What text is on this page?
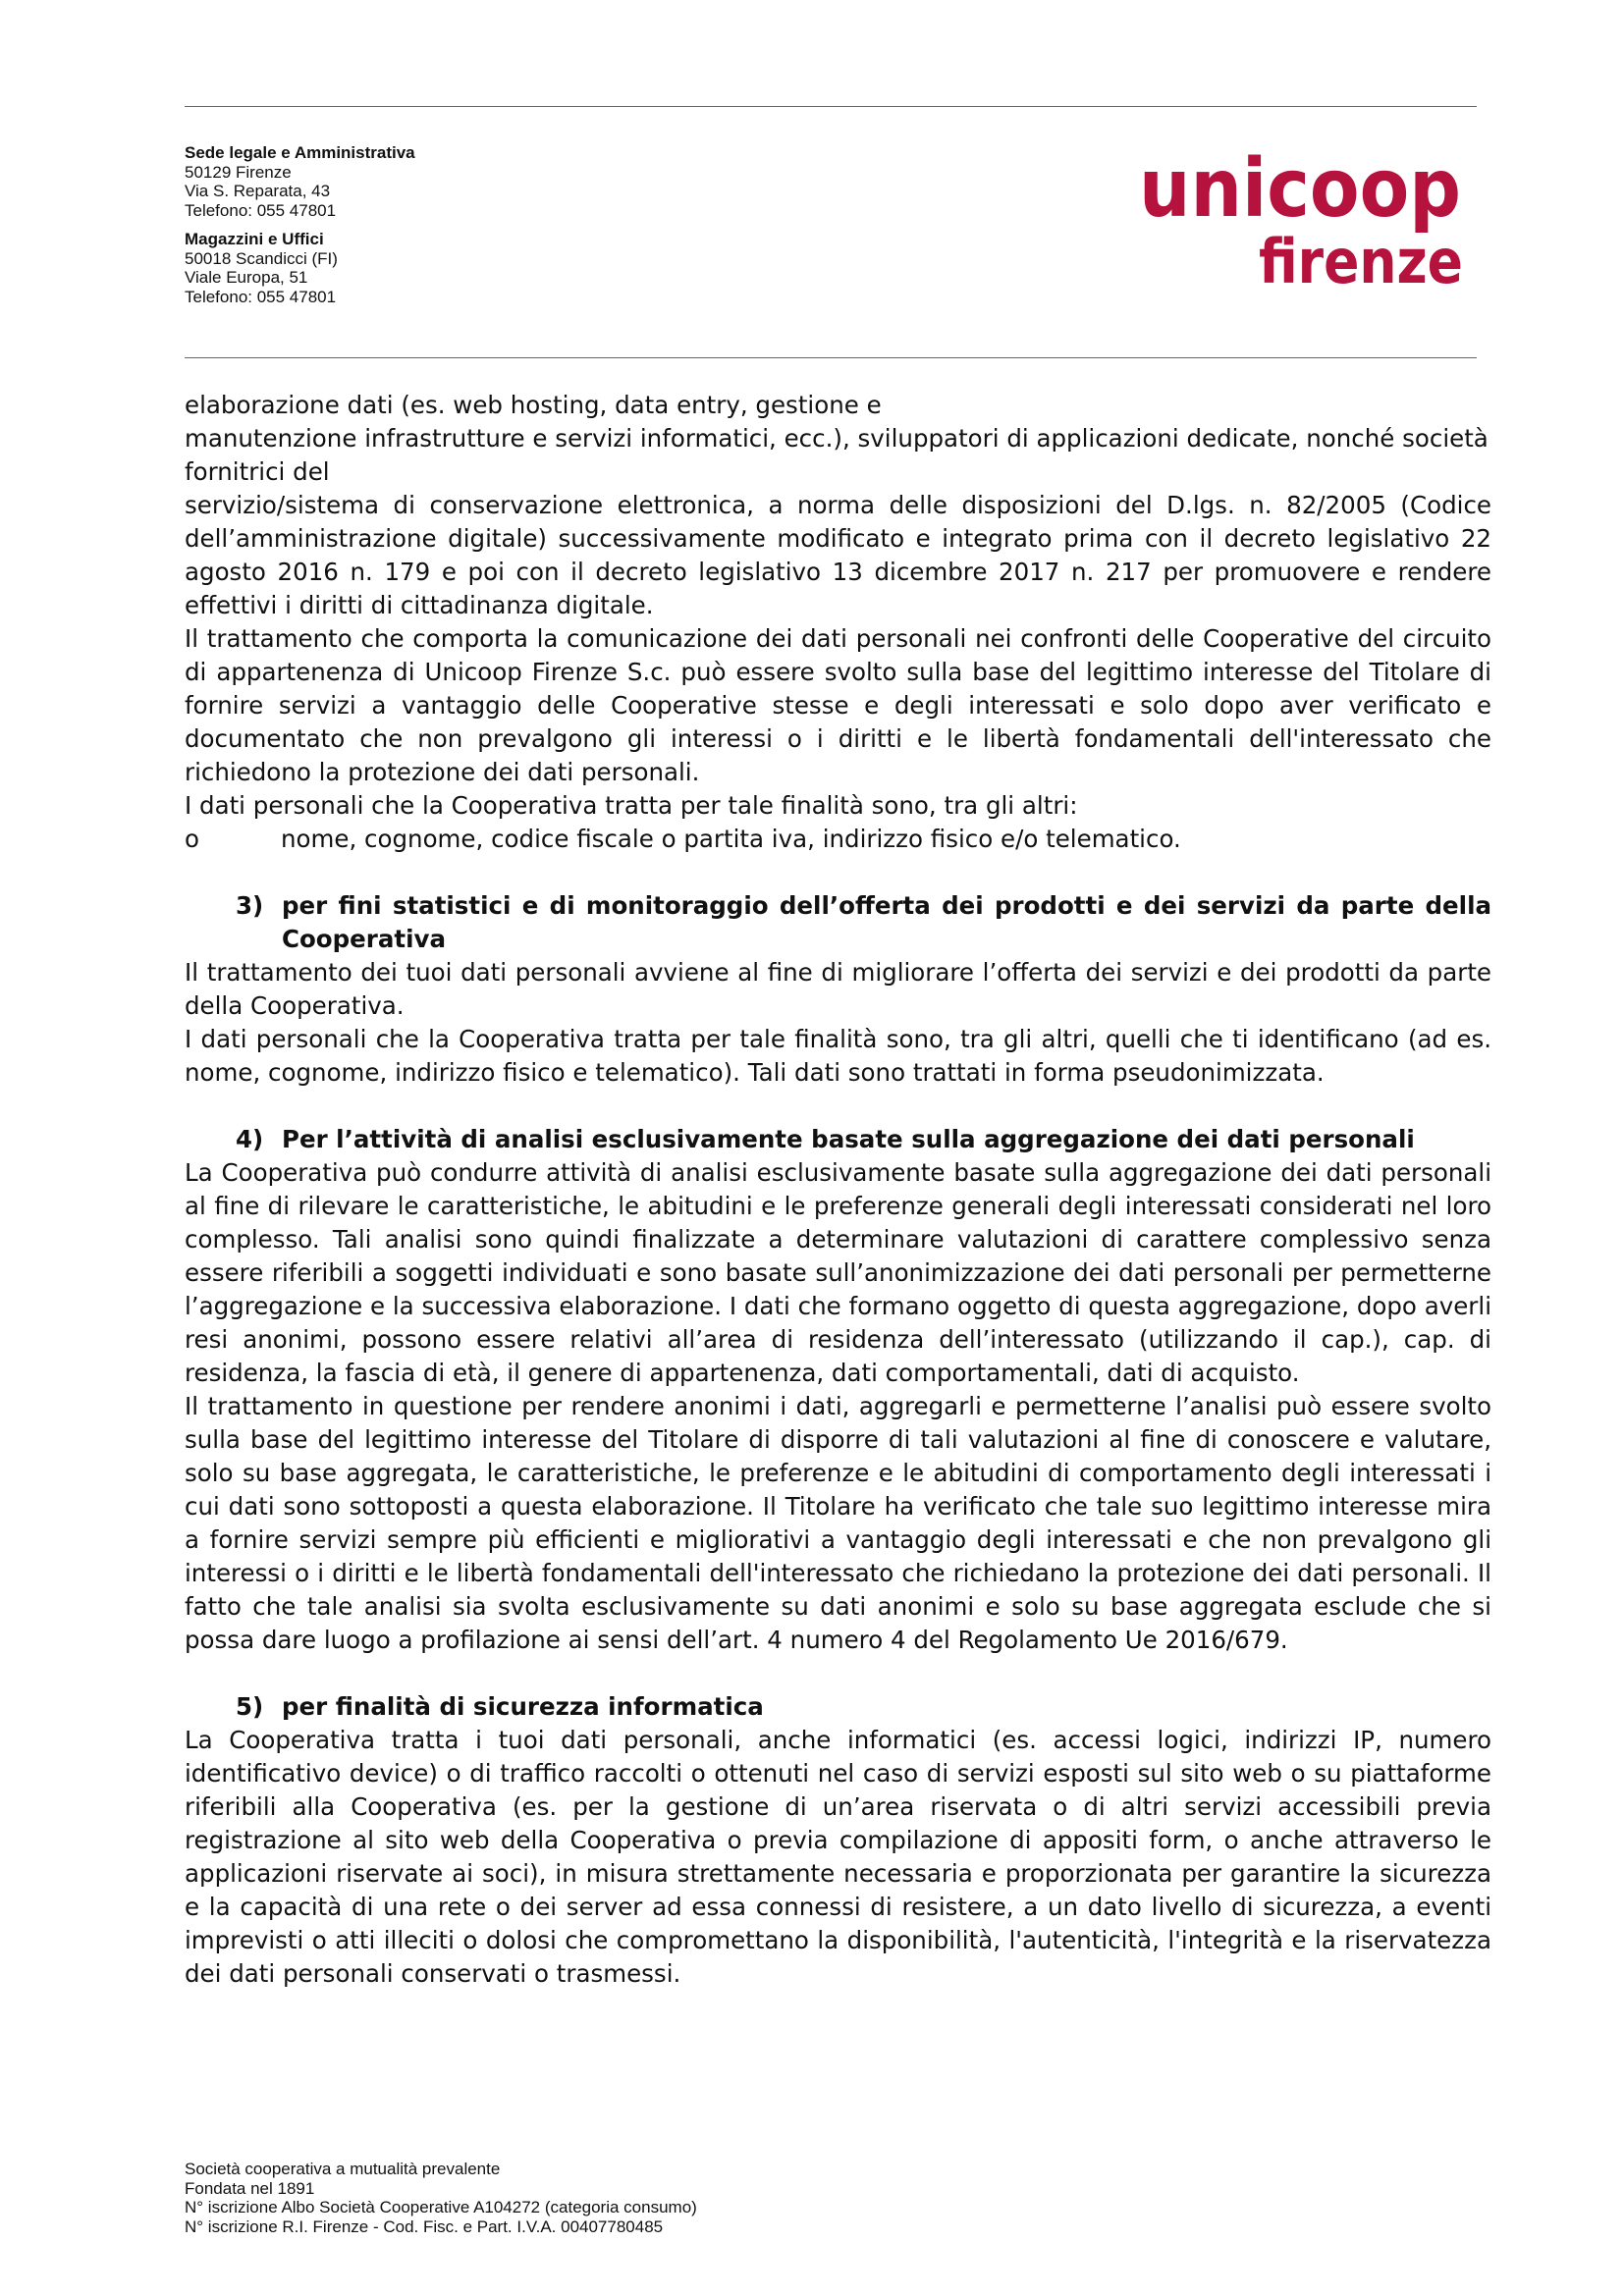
Sede legale e Amministrativa
50129 Firenze
Via S. Reparata, 43
Telefono: 055 47801
Magazzini e Uffici
50018 Scandicci (FI)
Viale Europa, 51
Telefono: 055 47801
unicoop
firenze

elaborazione dati (es. web hosting, data entry, gestione e

manutenzione infrastrutture e servizi informatici, ecc.), sviluppatori di applicazioni dedicate, nonché società fornitrici del

servizio/sistema di conservazione elettronica, a norma delle disposizioni del D.lgs. n. 82/2005 (Codice dell’amministrazione digitale) successivamente modificato e integrato prima con il decreto legislativo 22 agosto 2016 n. 179 e poi con il decreto legislativo 13 dicembre 2017 n. 217 per promuovere e rendere effettivi i diritti di cittadinanza digitale.

Il trattamento che comporta la comunicazione dei dati personali nei confronti delle Cooperative del circuito di appartenenza di Unicoop Firenze S.c. può essere svolto sulla base del legittimo interesse del Titolare di fornire servizi a vantaggio delle Cooperative stesse e degli interessati e solo dopo aver verificato e documentato che non prevalgono gli interessi o i diritti e le libertà fondamentali dell'interessato che richiedono la protezione dei dati personali.

I dati personali che la Cooperativa tratta per tale finalità sono, tra gli altri:

o	nome, cognome, codice fiscale o partita iva, indirizzo fisico e/o telematico.
3) per fini statistici e di monitoraggio dell’offerta dei prodotti e dei servizi da parte della Cooperativa

Il trattamento dei tuoi dati personali avviene al fine di migliorare l’offerta dei servizi e dei prodotti da parte della Cooperativa.

I dati personali che la Cooperativa tratta per tale finalità sono, tra gli altri, quelli che ti identificano (ad es. nome, cognome, indirizzo fisico e telematico). Tali dati sono trattati in forma pseudonimizzata.

4) Per l’attività di analisi esclusivamente basate sulla aggregazione dei dati personali

La Cooperativa può condurre attività di analisi esclusivamente basate sulla aggregazione dei dati personali al fine di rilevare le caratteristiche, le abitudini e le preferenze generali degli interessati considerati nel loro complesso. Tali analisi sono quindi finalizzate a determinare valutazioni di carattere complessivo senza essere riferibili a soggetti individuati e sono basate sull’anonimizzazione dei dati personali per permetterne l’aggregazione e la successiva elaborazione. I dati che formano oggetto di questa aggregazione, dopo averli resi anonimi, possono essere relativi all’area di residenza dell’interessato (utilizzando il cap.), cap. di residenza, la fascia di età, il genere di appartenenza, dati comportamentali, dati di acquisto.

Il trattamento in questione per rendere anonimi i dati, aggregarli e permetterne l’analisi può essere svolto sulla base del legittimo interesse del Titolare di disporre di tali valutazioni al fine di conoscere e valutare, solo su base aggregata, le caratteristiche, le preferenze e le abitudini di comportamento degli interessati i cui dati sono sottoposti a questa elaborazione. Il Titolare ha verificato che tale suo legittimo interesse mira a fornire servizi sempre più efficienti e migliorativi a vantaggio degli interessati e che non prevalgono gli interessi o i diritti e le libertà fondamentali dell'interessato che richiedano la protezione dei dati personali. Il fatto che tale analisi sia svolta esclusivamente su dati anonimi e solo su base aggregata esclude che si possa dare luogo a profilazione ai sensi dell’art. 4 numero 4 del Regolamento Ue 2016/679.

5) per finalità di sicurezza informatica

La Cooperativa tratta i tuoi dati personali, anche informatici (es. accessi logici, indirizzi IP, numero identificativo device) o di traffico raccolti o ottenuti nel caso di servizi esposti sul sito web o su piattaforme riferibili alla Cooperativa (es. per la gestione di un’area riservata o di altri servizi accessibili previa registrazione al sito web della Cooperativa o previa compilazione di appositi form, o anche attraverso le applicazioni riservate ai soci), in misura strettamente necessaria e proporzionata per garantire la sicurezza e la capacità di una rete o dei server ad essa connessi di resistere, a un dato livello di sicurezza, a eventi imprevisti o atti illeciti o dolosi che compromettano la disponibilità, l'autenticità, l'integrità e la riservatezza dei dati personali conservati o trasmessi.

Società cooperativa a mutualità prevalente
Fondata nel 1891
N° iscrizione Albo Società Cooperative A104272 (categoria consumo)
N° iscrizione R.I. Firenze - Cod. Fisc. e Part. I.V.A. 00407780485
